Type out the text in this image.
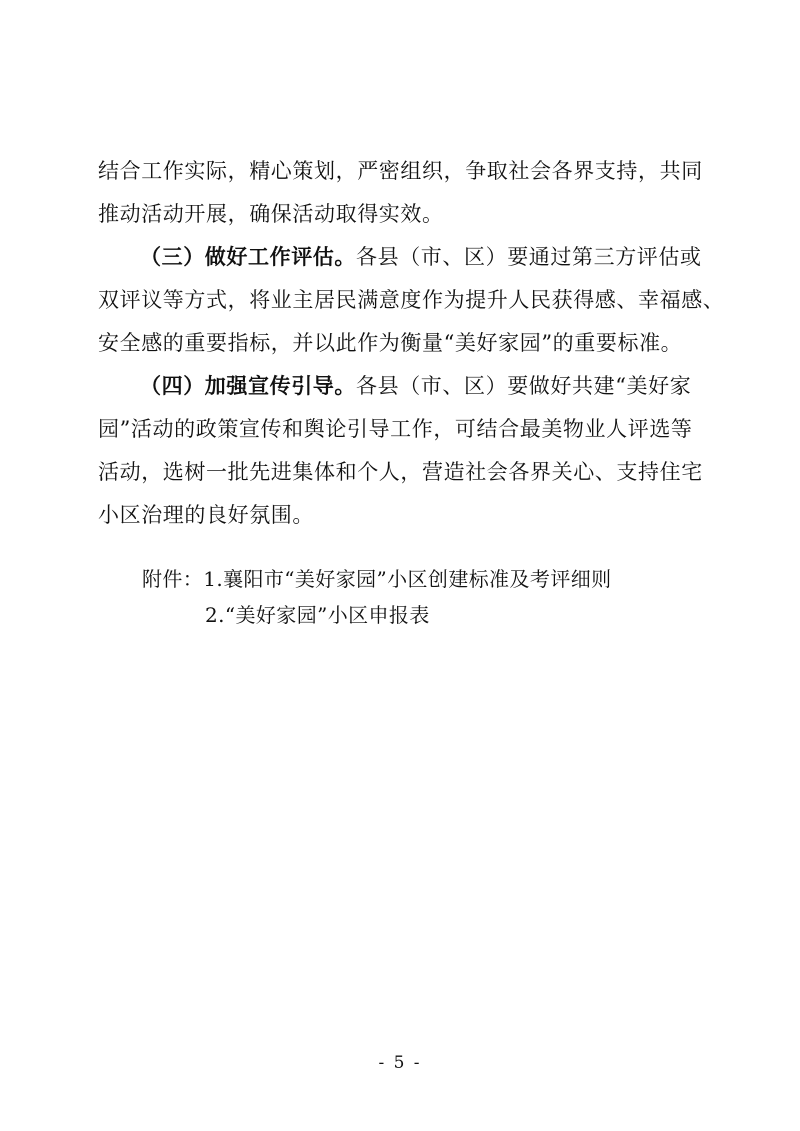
结合工作实际，精心策划，严密组织，争取社会各界支持，共同
推动活动开展，确保活动取得实效。
（三）做好工作评估。各县（市、区）要通过第三方评估或
双评议等方式，将业主居民满意度作为提升人民获得感、幸福感、
安全感的重要指标，并以此作为衡量“美好家园”的重要标准。
（四）加强宣传引导。各县（市、区）要做好共建“美好家
园”活动的政策宣传和舆论引导工作，可结合最美物业人评选等
活动，选树一批先进集体和个人，营造社会各界关心、支持住宅
小区治理的良好氛围。
附件：1.襄阳市“美好家园”小区创建标准及考评细则
2.“美好家园”小区申报表
- 5 -
